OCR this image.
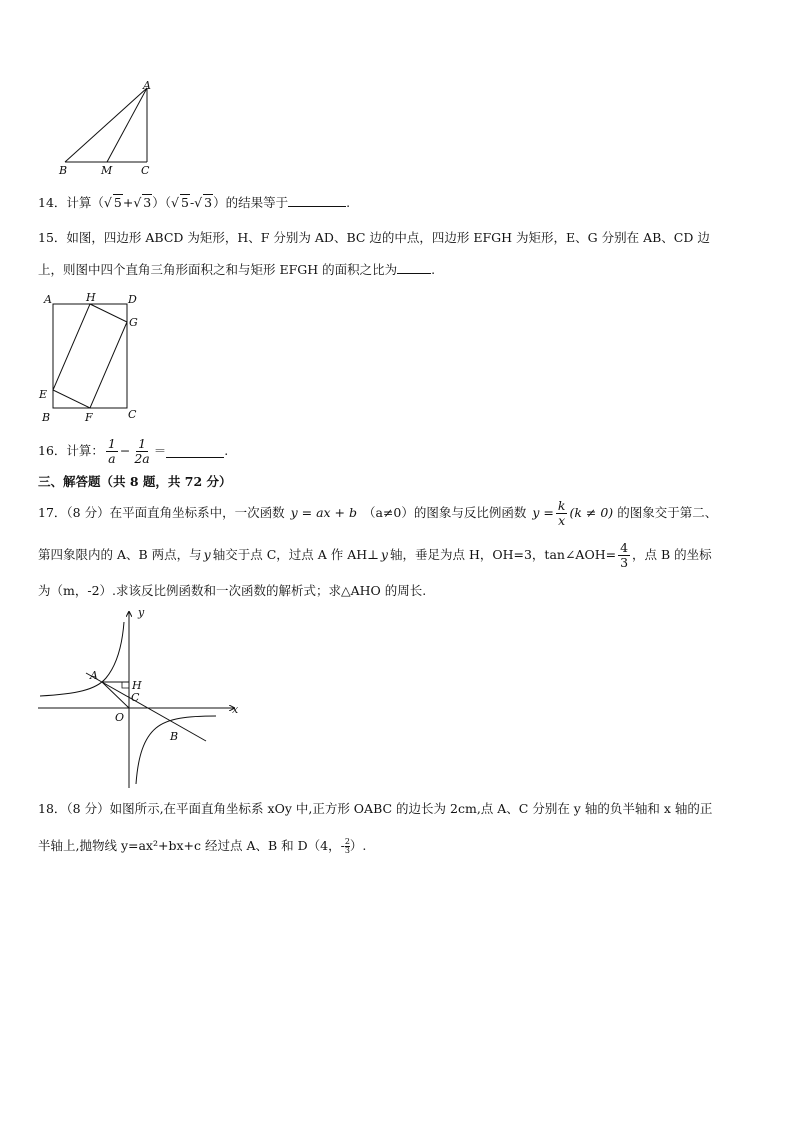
A
B	M	C
14．计算（√ 5+√ 3）（√ 5-√ 3）的结果等于	.
15．如图，四边形 ABCD 为矩形，H、F 分别为 AD、BC 边的中点，四边形 EFGH 为矩形，E、G 分别在 AB、CD 边
上，则图中四个直角三角形面积之和与矩形 EFGH 的面积之比为	.
A	H	D
G
E
B	F	C
16．计算： $\frac{1}{a} - \frac{1}{2a}$ ＝	.
三、解答题（共 8 题，共 72 分）
17．（8 分）在平面直角坐标系中，一次函数 y = ax + b （a≠0）的图象与反比例函数 $y = \frac{k}{x} (k \ne 0)$ 的图象交于第二、
第四象限内的 A、B 两点，与 y 轴交于点 C，过点 A 作 AH⊥ y 轴，垂足为点 H，OH=3，tan∠AOH= $\frac{4}{3}$ ，点 B 的坐标
为（m，-2）.求该反比例函数和一次函数的解析式；求△AHO 的周长.
y
x
A
H
C
O
B
18．（8 分）如图所示,在平面直角坐标系 xOy 中,正方形 OABC 的边长为 2cm,点 A、C 分别在 y 轴的负半轴和 x 轴的正
半轴上,抛物线 y=ax²+bx+c 经过点 A、B 和 D（4，- $\frac{2}{3}$ ）.
